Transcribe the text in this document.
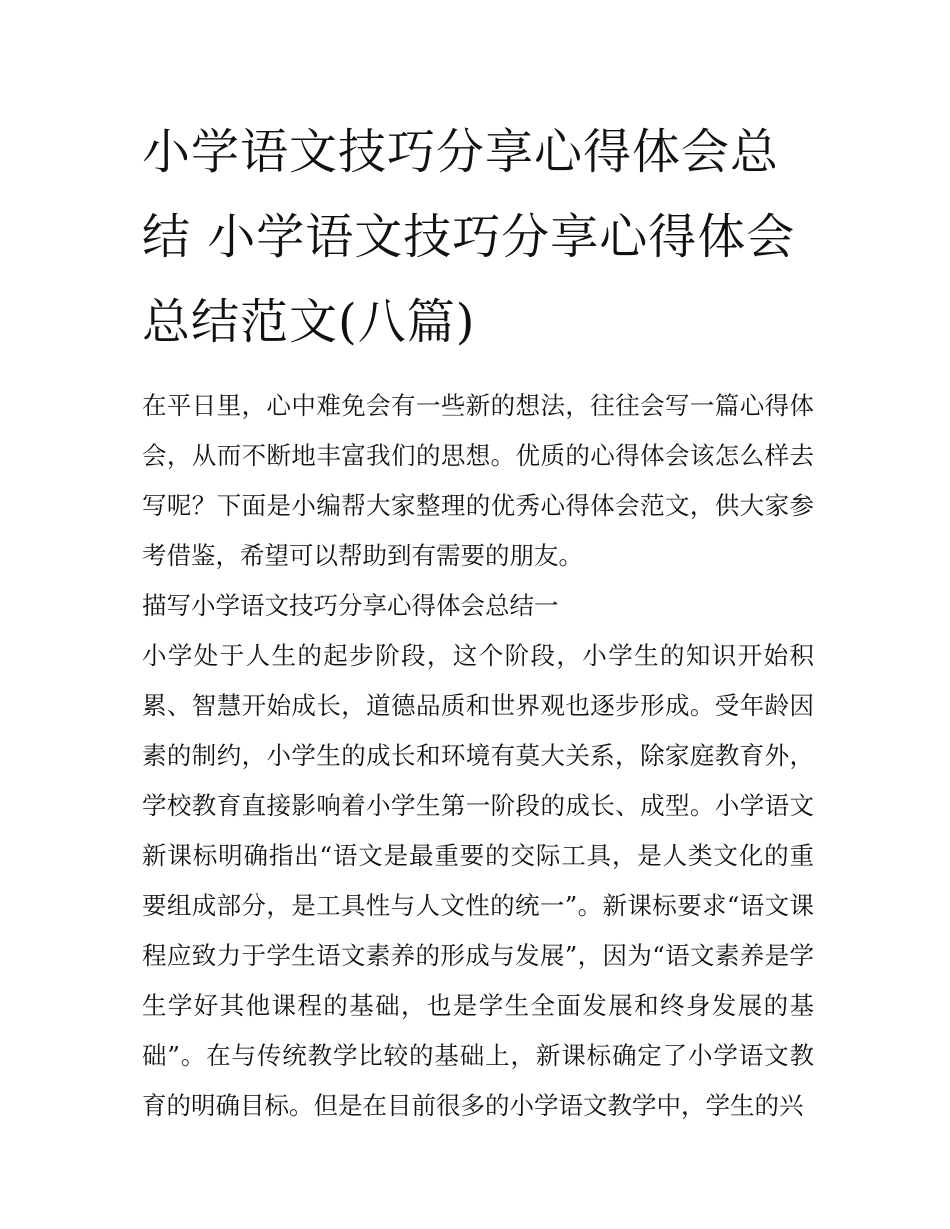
小学语文技巧分享心得体会总结 小学语文技巧分享心得体会总结范文(八篇)

在平日里，心中难免会有一些新的想法，往往会写一篇心得体会，从而不断地丰富我们的思想。优质的心得体会该怎么样去写呢？下面是小编帮大家整理的优秀心得体会范文，供大家参考借鉴，希望可以帮助到有需要的朋友。

描写小学语文技巧分享心得体会总结一

小学处于人生的起步阶段，这个阶段，小学生的知识开始积累、智慧开始成长，道德品质和世界观也逐步形成。受年龄因素的制约，小学生的成长和环境有莫大关系，除家庭教育外，学校教育直接影响着小学生第一阶段的成长、成型。小学语文新课标明确指出“语文是最重要的交际工具，是人类文化的重要组成部分，是工具性与人文性的统一”。新课标要求“语文课程应致力于学生语文素养的形成与发展”，因为“语文素养是学生学好其他课程的基础，也是学生全面发展和终身发展的基础”。在与传统教学比较的基础上，新课标确定了小学语文教育的明确目标。但是在目前很多的小学语文教学中，学生的兴
